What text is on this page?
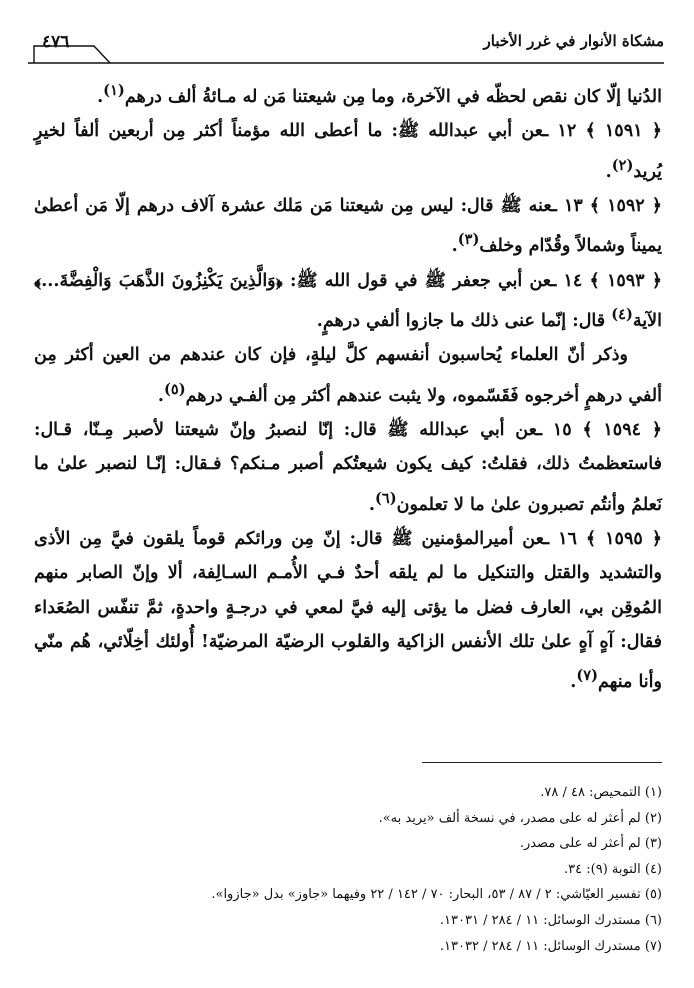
مشكاة الأنوار في غرر الأخبار
٤٧٦

الدُنيا إلّا كان نقص لحظّه في الآخرة، وما مِن شيعتنا مَن له مـائةُ ألف درهم$^{(١)}$.

﴿ ١٥٩١ ﴾ ١٢ ـعن أبي عبدالله ﷺ: ما أعطى الله مؤمناً أكثر مِن أربعين ألفاً لخيرٍ يُريد$^{(٢)}$.

﴿ ١٥٩٢ ﴾ ١٣ ـعنه ﷺ قال: ليس مِن شيعتنا مَن مَلك عشرة آلاف درهم إلّا مَن أعطىٰ يميناً وشمالاً وقُدّام وخلف$^{(٣)}$.

﴿ ١٥٩٣ ﴾ ١٤ ـعن أبي جعفر ﷺ في قول الله ﷺ: ﴿وَالَّذِينَ يَكْنِزُونَ الذَّهَبَ وَالْفِضَّةَ...﴾ الآية$^{(٤)}$ قال: إنّما عنى ذلك ما جازوا ألفي درهمٍ.

وذكر أنّ العلماء يُحاسبون أنفسهم كلَّ ليلةٍ، فإن كان عندهم من العين أكثر مِن ألفي درهمٍ أخرجوه فَقَسّموه، ولا يثبت عندهم أكثر مِن ألفـي درهم$^{(٥)}$.

﴿ ١٥٩٤ ﴾ ١٥ ـعن أبي عبدالله ﷺ قال: إنّا لنصبرُ وإنّ شيعتنا لأصبر مِـنّا، قـال: فاستعظمتُ ذلك، فقلتُ: كيف يكون شيعتُكم أصبر مـنكم؟ فـقال: إنّـا لنصبر علىٰ ما نَعلمُ وأنتُم تصبرون علىٰ ما لا تعلمون$^{(٦)}$.

﴿ ١٥٩٥ ﴾ ١٦ ـعن أميرالمؤمنين ﷺ قال: إنّ مِن ورائكم قوماً يلقون فيَّ مِن الأذى والتشديد والقتل والتنكيل ما لم يلقه أحدٌ فـي الأُمـم السـالِفة، ألا وإنّ الصابر منهم المُوقِن بي، العارف فضل ما يؤتى إليه فيَّ لمعي في درجـةٍ واحدةٍ، ثمَّ تنفّس الصُعَداء فقال: آهٍ آهٍ علىٰ تلك الأنفس الزاكية والقلوب الرضيّة المرضيّة! أُولئك أخِلّائي، هُم منّي وأنا منهم$^{(٧)}$.

(١) التمحيص: ٤٨ / ٧٨.
(٢) لم أعثر له على مصدر، في نسخة ألف «يريد به».
(٣) لم أعثر له على مصدر.
(٤) التوبة (٩): ٣٤.
(٥) تفسير العيّاشي: ٢ / ٨٧ / ٥٣، البحار: ٧٠ / ١٤٢ / ٢٢ وفيهما «جاوز» بدل «جازوا».
(٦) مستدرك الوسائل: ١١ / ٢٨٤ / ١٣٠٣١.
(٧) مستدرك الوسائل: ١١ / ٢٨٤ / ١٣٠٣٢.
